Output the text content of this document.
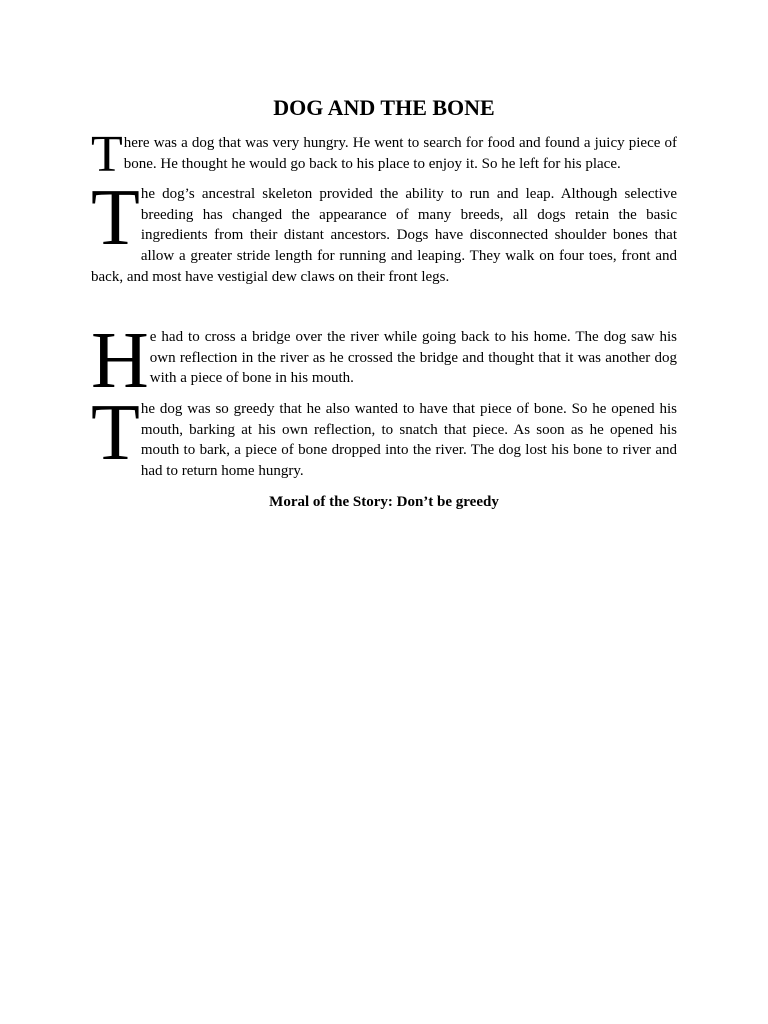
DOG AND THE BONE

There was a dog that was very hungry. He went to search for food and found a juicy piece of bone. He thought he would go back to his place to enjoy it. So he left for his place.

The dog’s ancestral skeleton provided the ability to run and leap. Although selective breeding has changed the appearance of many breeds, all dogs retain the basic ingredients from their distant ancestors. Dogs have disconnected shoulder bones that allow a greater stride length for running and leaping. They walk on four toes, front and back, and most have vestigial dew claws on their front legs.

He had to cross a bridge over the river while going back to his home. The dog saw his own reflection in the river as he crossed the bridge and thought that it was another dog with a piece of bone in his mouth.

The dog was so greedy that he also wanted to have that piece of bone. So he opened his mouth, barking at his own reflection, to snatch that piece. As soon as he opened his mouth to bark, a piece of bone dropped into the river. The dog lost his bone to river and had to return home hungry.

Moral of the Story: Don’t be greedy
